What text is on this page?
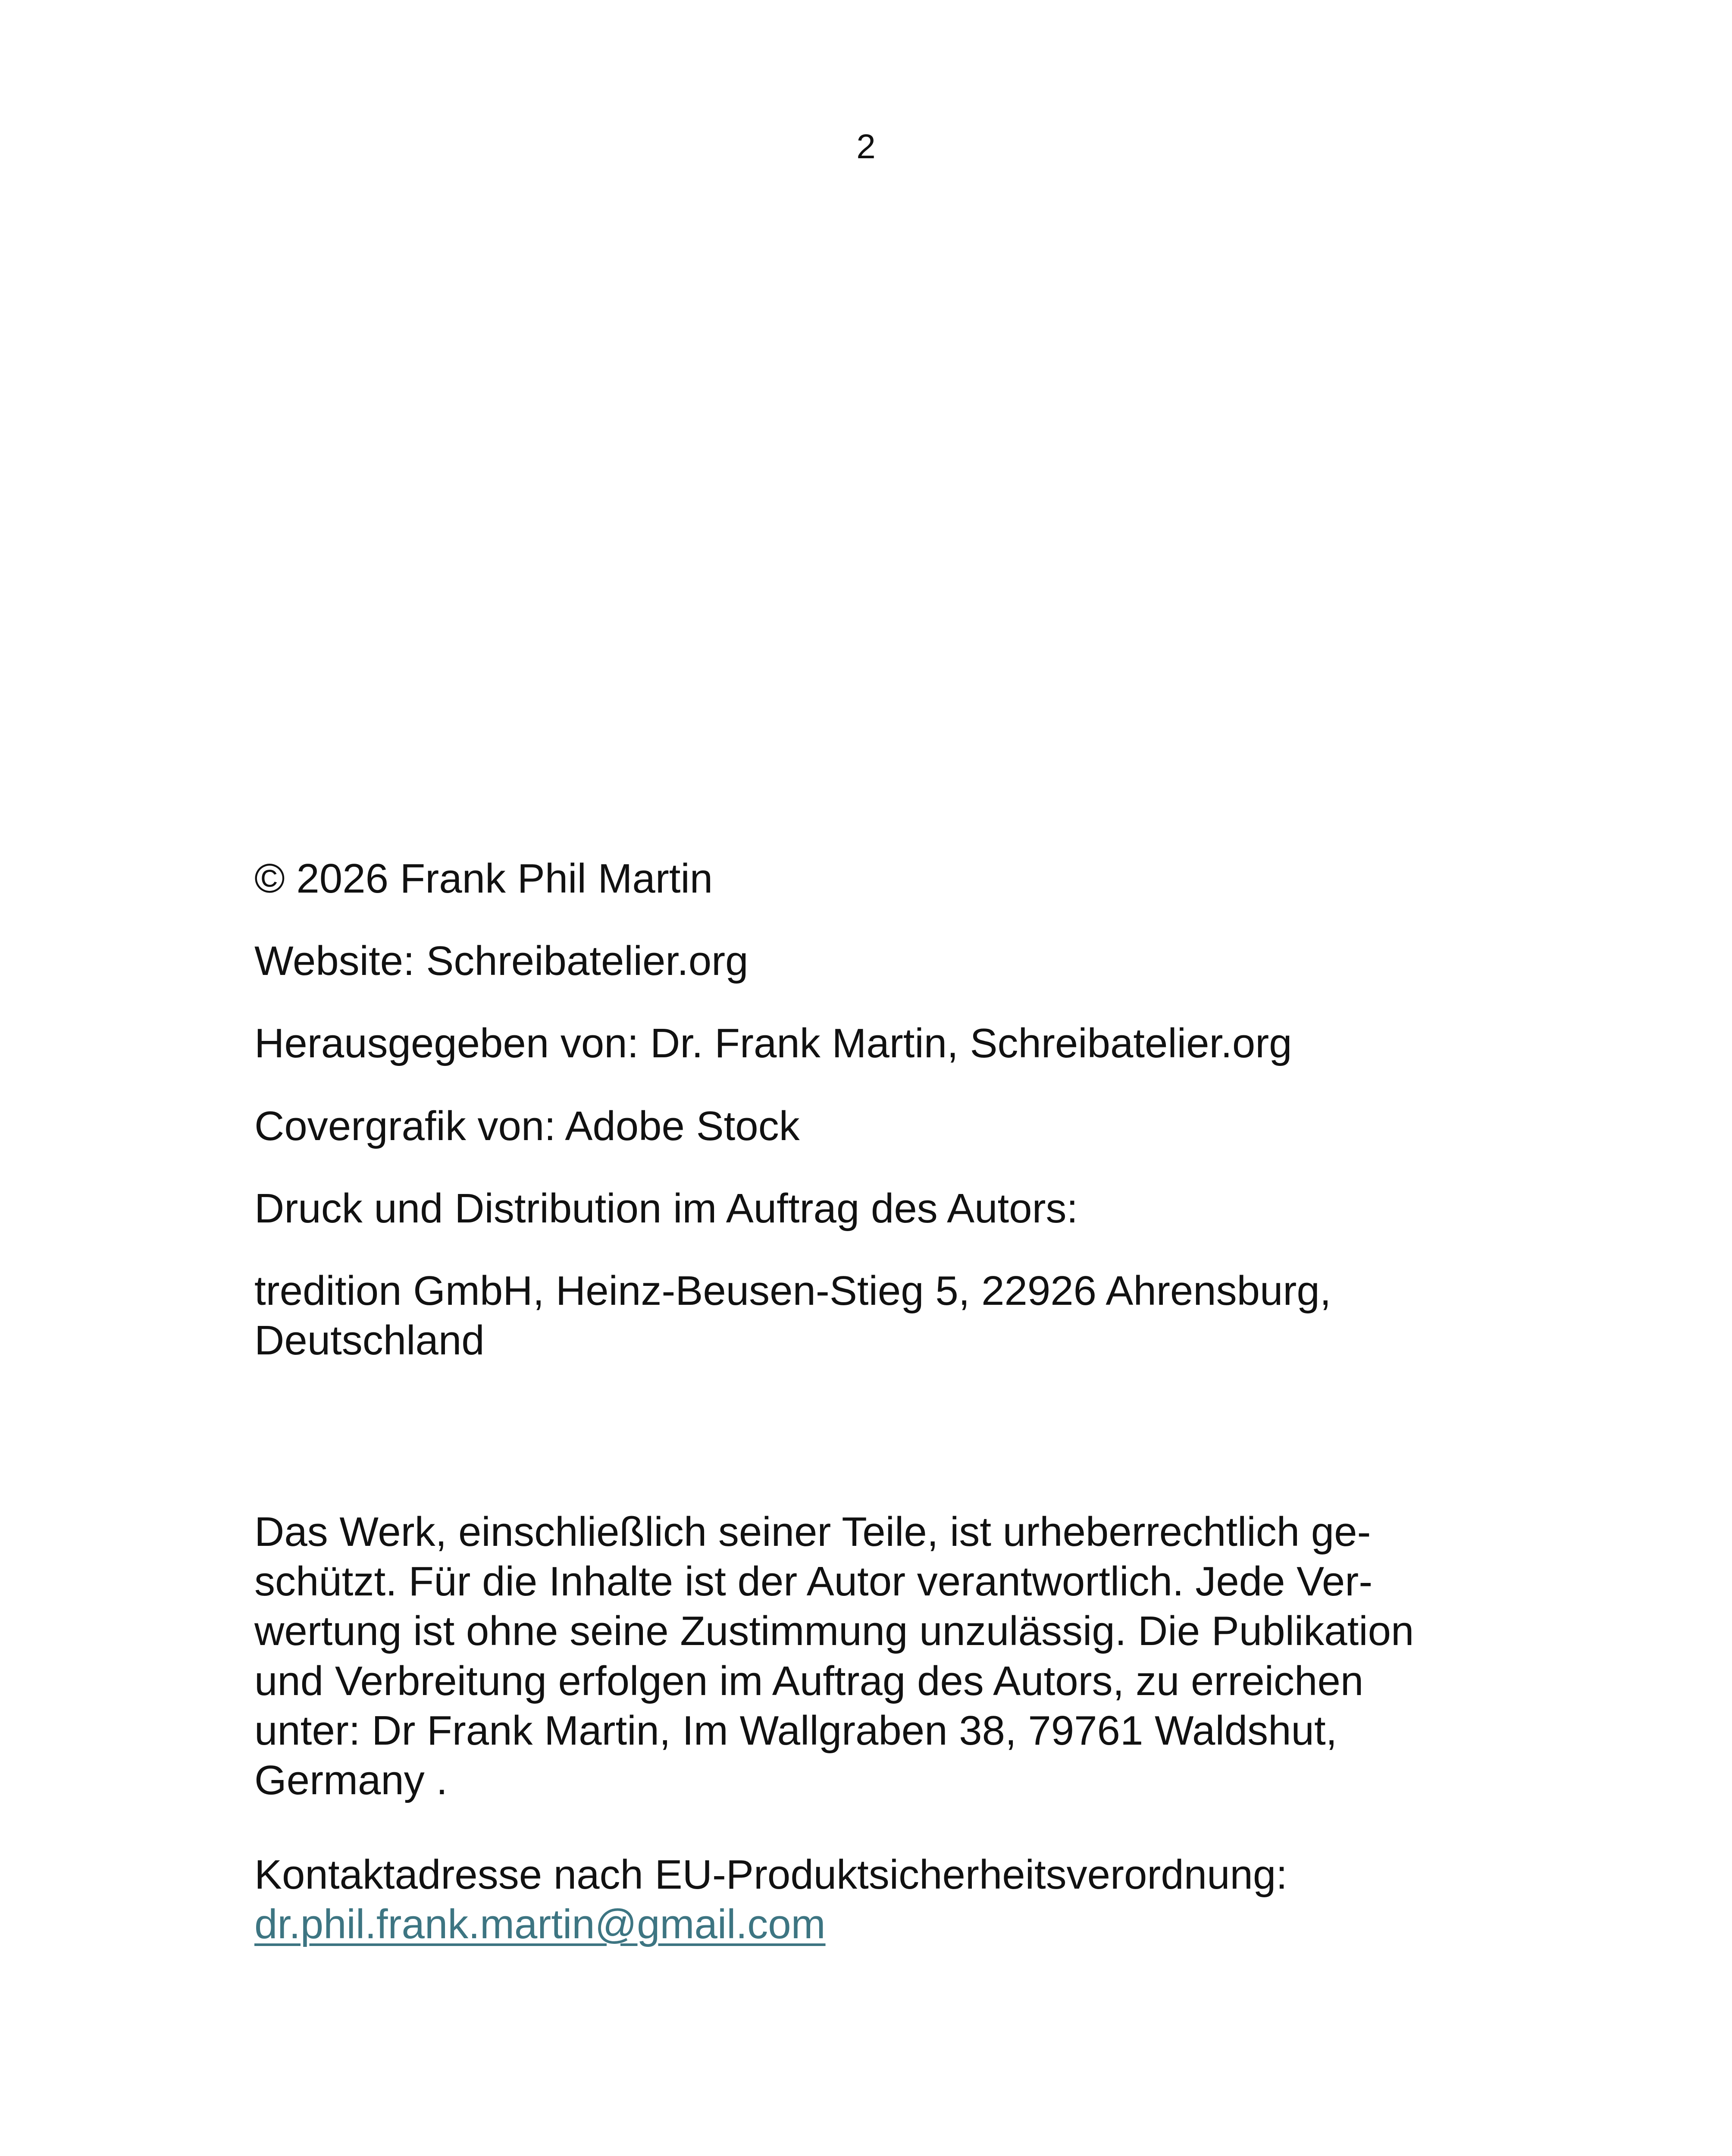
2

© 2026 Frank Phil Martin

Website: Schreibatelier.org

Herausgegeben von: Dr. Frank Martin, Schreibatelier.org

Covergrafik von: Adobe Stock

Druck und Distribution im Auftrag des Autors:

tredition GmbH, Heinz-Beusen-Stieg 5, 22926 Ahrensburg,
Deutschland

Das Werk, einschließlich seiner Teile, ist urheberrechtlich ge-

schützt. Für die Inhalte ist der Autor verantwortlich. Jede Ver-

wertung ist ohne seine Zustimmung unzulässig. Die Publikation

und Verbreitung erfolgen im Auftrag des Autors, zu erreichen

unter: Dr Frank Martin, Im Wallgraben 38, 79761 Waldshut,

Germany .

Kontaktadresse nach EU-Produktsicherheitsverordnung:

dr.phil.frank.martin@gmail.com
